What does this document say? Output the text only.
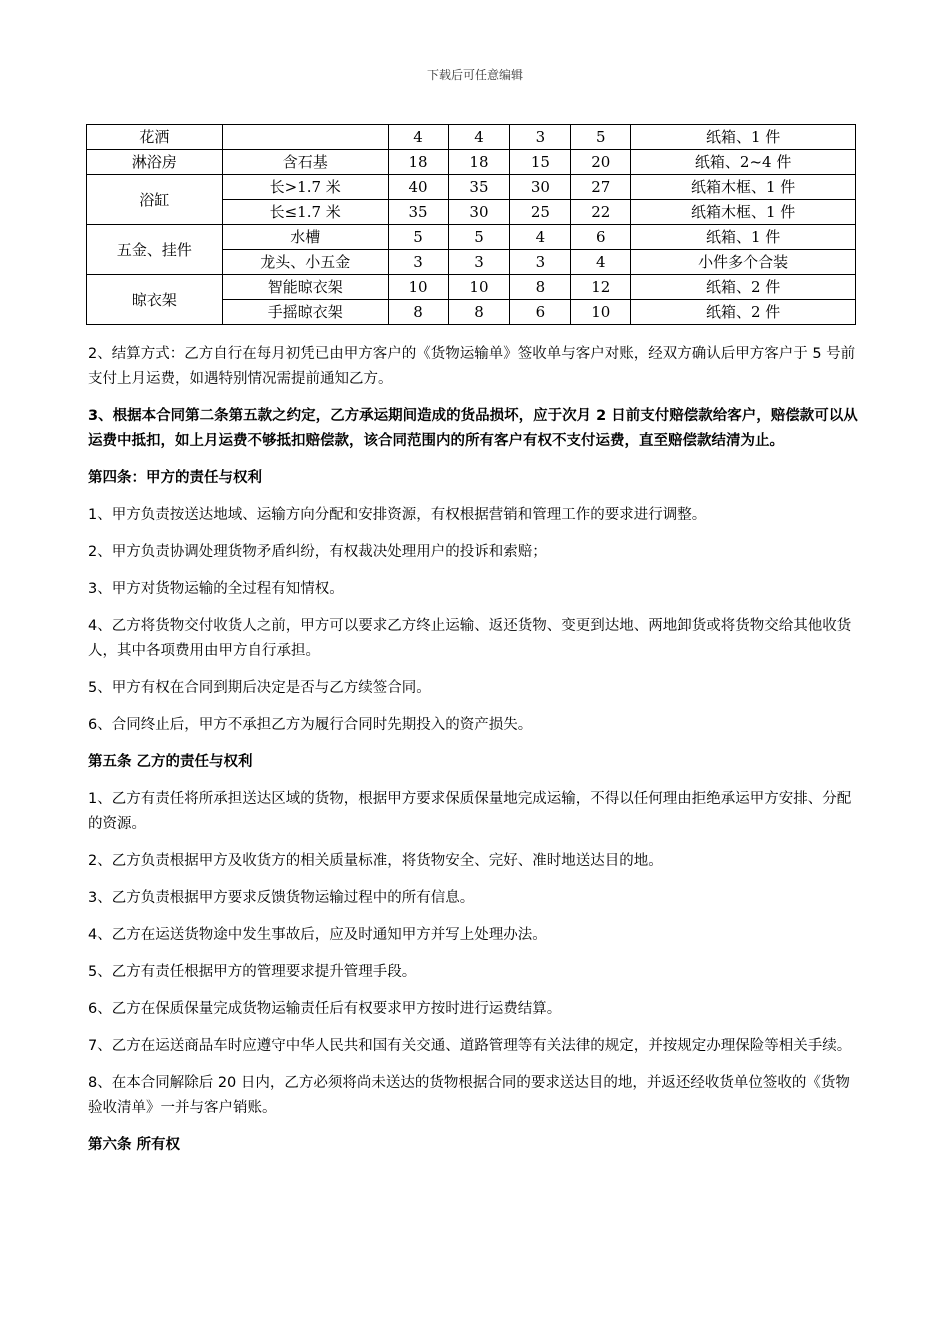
下载后可任意编辑
花洒		4	4	3	5	纸箱、1 件
淋浴房	含石基	18	18	15	20	纸箱、2~4 件
浴缸	长>1.7 米	40	35	30	27	纸箱木框、1 件
	长≤1.7 米	35	30	25	22	纸箱木框、1 件
五金、挂件	水槽	5	5	4	6	纸箱、1 件
	龙头、小五金	3	3	3	4	小件多个合装
晾衣架	智能晾衣架	10	10	8	12	纸箱、2 件
	手摇晾衣架	8	8	6	10	纸箱、2 件

2、结算方式：乙方自行在每月初凭已由甲方客户的《货物运输单》签收单与客户对账，经双方确认后甲方客户于 5 号前支付上月运费，如遇特别情况需提前通知乙方。

3、根据本合同第二条第五款之约定，乙方承运期间造成的货品损坏，应于次月 2 日前支付赔偿款给客户，赔偿款可以从运费中抵扣，如上月运费不够抵扣赔偿款，该合同范围内的所有客户有权不支付运费，直至赔偿款结清为止。

第四条：甲方的责任与权利

1、甲方负责按送达地域、运输方向分配和安排资源，有权根据营销和管理工作的要求进行调整。

2、甲方负责协调处理货物矛盾纠纷，有权裁决处理用户的投诉和索赔；

3、甲方对货物运输的全过程有知情权。

4、乙方将货物交付收货人之前，甲方可以要求乙方终止运输、返还货物、变更到达地、两地卸货或将货物交给其他收货人，其中各项费用由甲方自行承担。

5、甲方有权在合同到期后决定是否与乙方续签合同。

6、合同终止后，甲方不承担乙方为履行合同时先期投入的资产损失。

第五条 乙方的责任与权利

1、乙方有责任将所承担送达区域的货物，根据甲方要求保质保量地完成运输，不得以任何理由拒绝承运甲方安排、分配的资源。

2、乙方负责根据甲方及收货方的相关质量标准，将货物安全、完好、准时地送达目的地。

3、乙方负责根据甲方要求反馈货物运输过程中的所有信息。

4、乙方在运送货物途中发生事故后，应及时通知甲方并写上处理办法。

5、乙方有责任根据甲方的管理要求提升管理手段。

6、乙方在保质保量完成货物运输责任后有权要求甲方按时进行运费结算。

7、乙方在运送商品车时应遵守中华人民共和国有关交通、道路管理等有关法律的规定，并按规定办理保险等相关手续。

8、在本合同解除后 20 日内，乙方必须将尚未送达的货物根据合同的要求送达目的地，并返还经收货单位签收的《货物验收清单》一并与客户销账。

第六条 所有权
